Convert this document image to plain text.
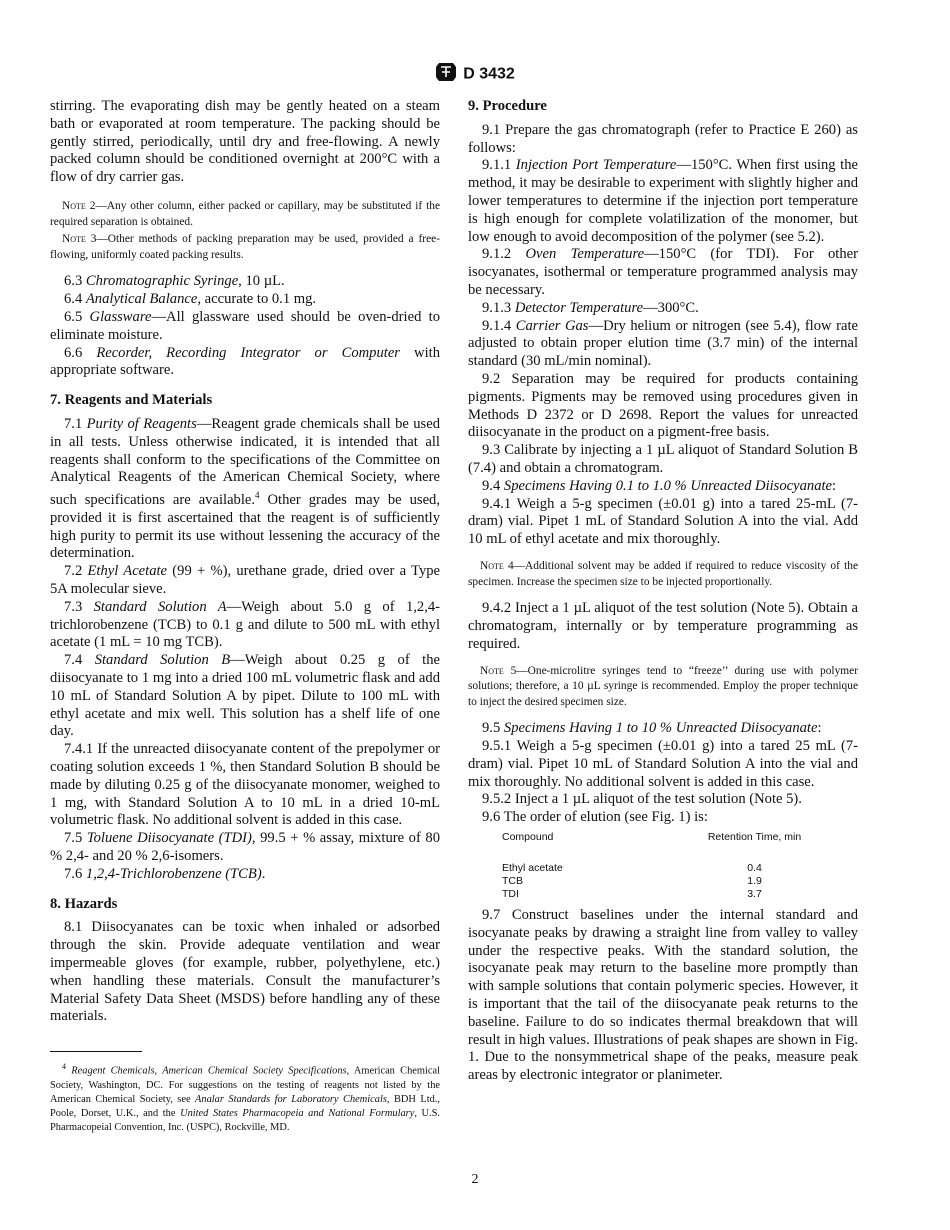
D 3432

stirring. The evaporating dish may be gently heated on a steam bath or evaporated at room temperature. The packing should be gently stirred, periodically, until dry and free-flowing. A newly packed column should be conditioned overnight at 200°C with a flow of dry carrier gas.

Note 2—Any other column, either packed or capillary, may be substituted if the required separation is obtained.

Note 3—Other methods of packing preparation may be used, provided a free-flowing, uniformly coated packing results.

6.3 Chromatographic Syringe, 10 µL.

6.4 Analytical Balance, accurate to 0.1 mg.

6.5 Glassware—All glassware used should be oven-dried to eliminate moisture.

6.6 Recorder, Recording Integrator or Computer with appropriate software.

7. Reagents and Materials

7.1 Purity of Reagents—Reagent grade chemicals shall be used in all tests. Unless otherwise indicated, it is intended that all reagents shall conform to the specifications of the Committee on Analytical Reagents of the American Chemical Society, where such specifications are available.$^4$ Other grades may be used, provided it is first ascertained that the reagent is of sufficiently high purity to permit its use without lessening the accuracy of the determination.

7.2 Ethyl Acetate (99 + %), urethane grade, dried over a Type 5A molecular sieve.

7.3 Standard Solution A—Weigh about 5.0 g of 1,2,4-trichlorobenzene (TCB) to 0.1 g and dilute to 500 mL with ethyl acetate (1 mL = 10 mg TCB).

7.4 Standard Solution B—Weigh about 0.25 g of the diisocyanate to 1 mg into a dried 100 mL volumetric flask and add 10 mL of Standard Solution A by pipet. Dilute to 100 mL with ethyl acetate and mix well. This solution has a shelf life of one day.

7.4.1 If the unreacted diisocyanate content of the prepolymer or coating solution exceeds 1 %, then Standard Solution B should be made by diluting 0.25 g of the diisocyanate monomer, weighed to 1 mg, with Standard Solution A to 10 mL in a dried 10-mL volumetric flask. No additional solvent is added in this case.

7.5 Toluene Diisocyanate (TDI), 99.5 + % assay, mixture of 80 % 2,4- and 20 % 2,6-isomers.

7.6 1,2,4-Trichlorobenzene (TCB).

8. Hazards

8.1 Diisocyanates can be toxic when inhaled or adsorbed through the skin. Provide adequate ventilation and wear impermeable gloves (for example, rubber, polyethylene, etc.) when handling these materials. Consult the manufacturer’s Material Safety Data Sheet (MSDS) before handling any of these materials.

$^4$ Reagent Chemicals, American Chemical Society Specifications, American Chemical Society, Washington, DC. For suggestions on the testing of reagents not listed by the American Chemical Society, see Analar Standards for Laboratory Chemicals, BDH Ltd., Poole, Dorset, U.K., and the United States Pharmacopeia and National Formulary, U.S. Pharmacopeial Convention, Inc. (USPC), Rockville, MD.

9. Procedure

9.1 Prepare the gas chromatograph (refer to Practice E 260) as follows:

9.1.1 Injection Port Temperature—150°C. When first using the method, it may be desirable to experiment with slightly higher and lower temperatures to determine if the injection port temperature is high enough for complete volatilization of the monomer, but low enough to avoid decomposition of the polymer (see 5.2).

9.1.2 Oven Temperature—150°C (for TDI). For other isocyanates, isothermal or temperature programmed analysis may be necessary.

9.1.3 Detector Temperature—300°C.

9.1.4 Carrier Gas—Dry helium or nitrogen (see 5.4), flow rate adjusted to obtain proper elution time (3.7 min) of the internal standard (30 mL/min nominal).

9.2 Separation may be required for products containing pigments. Pigments may be removed using procedures given in Methods D 2372 or D 2698. Report the values for unreacted diisocyanate in the product on a pigment-free basis.

9.3 Calibrate by injecting a 1 µL aliquot of Standard Solution B (7.4) and obtain a chromatogram.

9.4 Specimens Having 0.1 to 1.0 % Unreacted Diisocyanate:

9.4.1 Weigh a 5-g specimen (±0.01 g) into a tared 25-mL (7-dram) vial. Pipet 1 mL of Standard Solution A into the vial. Add 10 mL of ethyl acetate and mix thoroughly.

Note 4—Additional solvent may be added if required to reduce viscosity of the specimen. Increase the specimen size to be injected proportionally.

9.4.2 Inject a 1 µL aliquot of the test solution (Note 5). Obtain a chromatogram, internally or by temperature programming as required.

Note 5—One-microlitre syringes tend to “freeze’’ during use with polymer solutions; therefore, a 10 µL syringe is recommended. Employ the proper technique to inject the desired specimen size.

9.5 Specimens Having 1 to 10 % Unreacted Diisocyanate:

9.5.1 Weigh a 5-g specimen (±0.01 g) into a tared 25 mL (7-dram) vial. Pipet 10 mL of Standard Solution A into the vial and mix thoroughly. No additional solvent is added in this case.

9.5.2 Inject a 1 µL aliquot of the test solution (Note 5).

9.6 The order of elution (see Fig. 1) is:

Compound	Retention Time, min
Ethyl acetate	0.4
TCB	1.9
TDI	3.7

9.7 Construct baselines under the internal standard and isocyanate peaks by drawing a straight line from valley to valley under the respective peaks. With the standard solution, the isocyanate peak may return to the baseline more promptly than with sample solutions that contain polymeric species. However, it is important that the tail of the diisocyanate peak returns to the baseline. Failure to do so indicates thermal breakdown that will result in high values. Illustrations of peak shapes are shown in Fig. 1. Due to the nonsymmetrical shape of the peaks, measure peak areas by electronic integrator or planimeter.

2
